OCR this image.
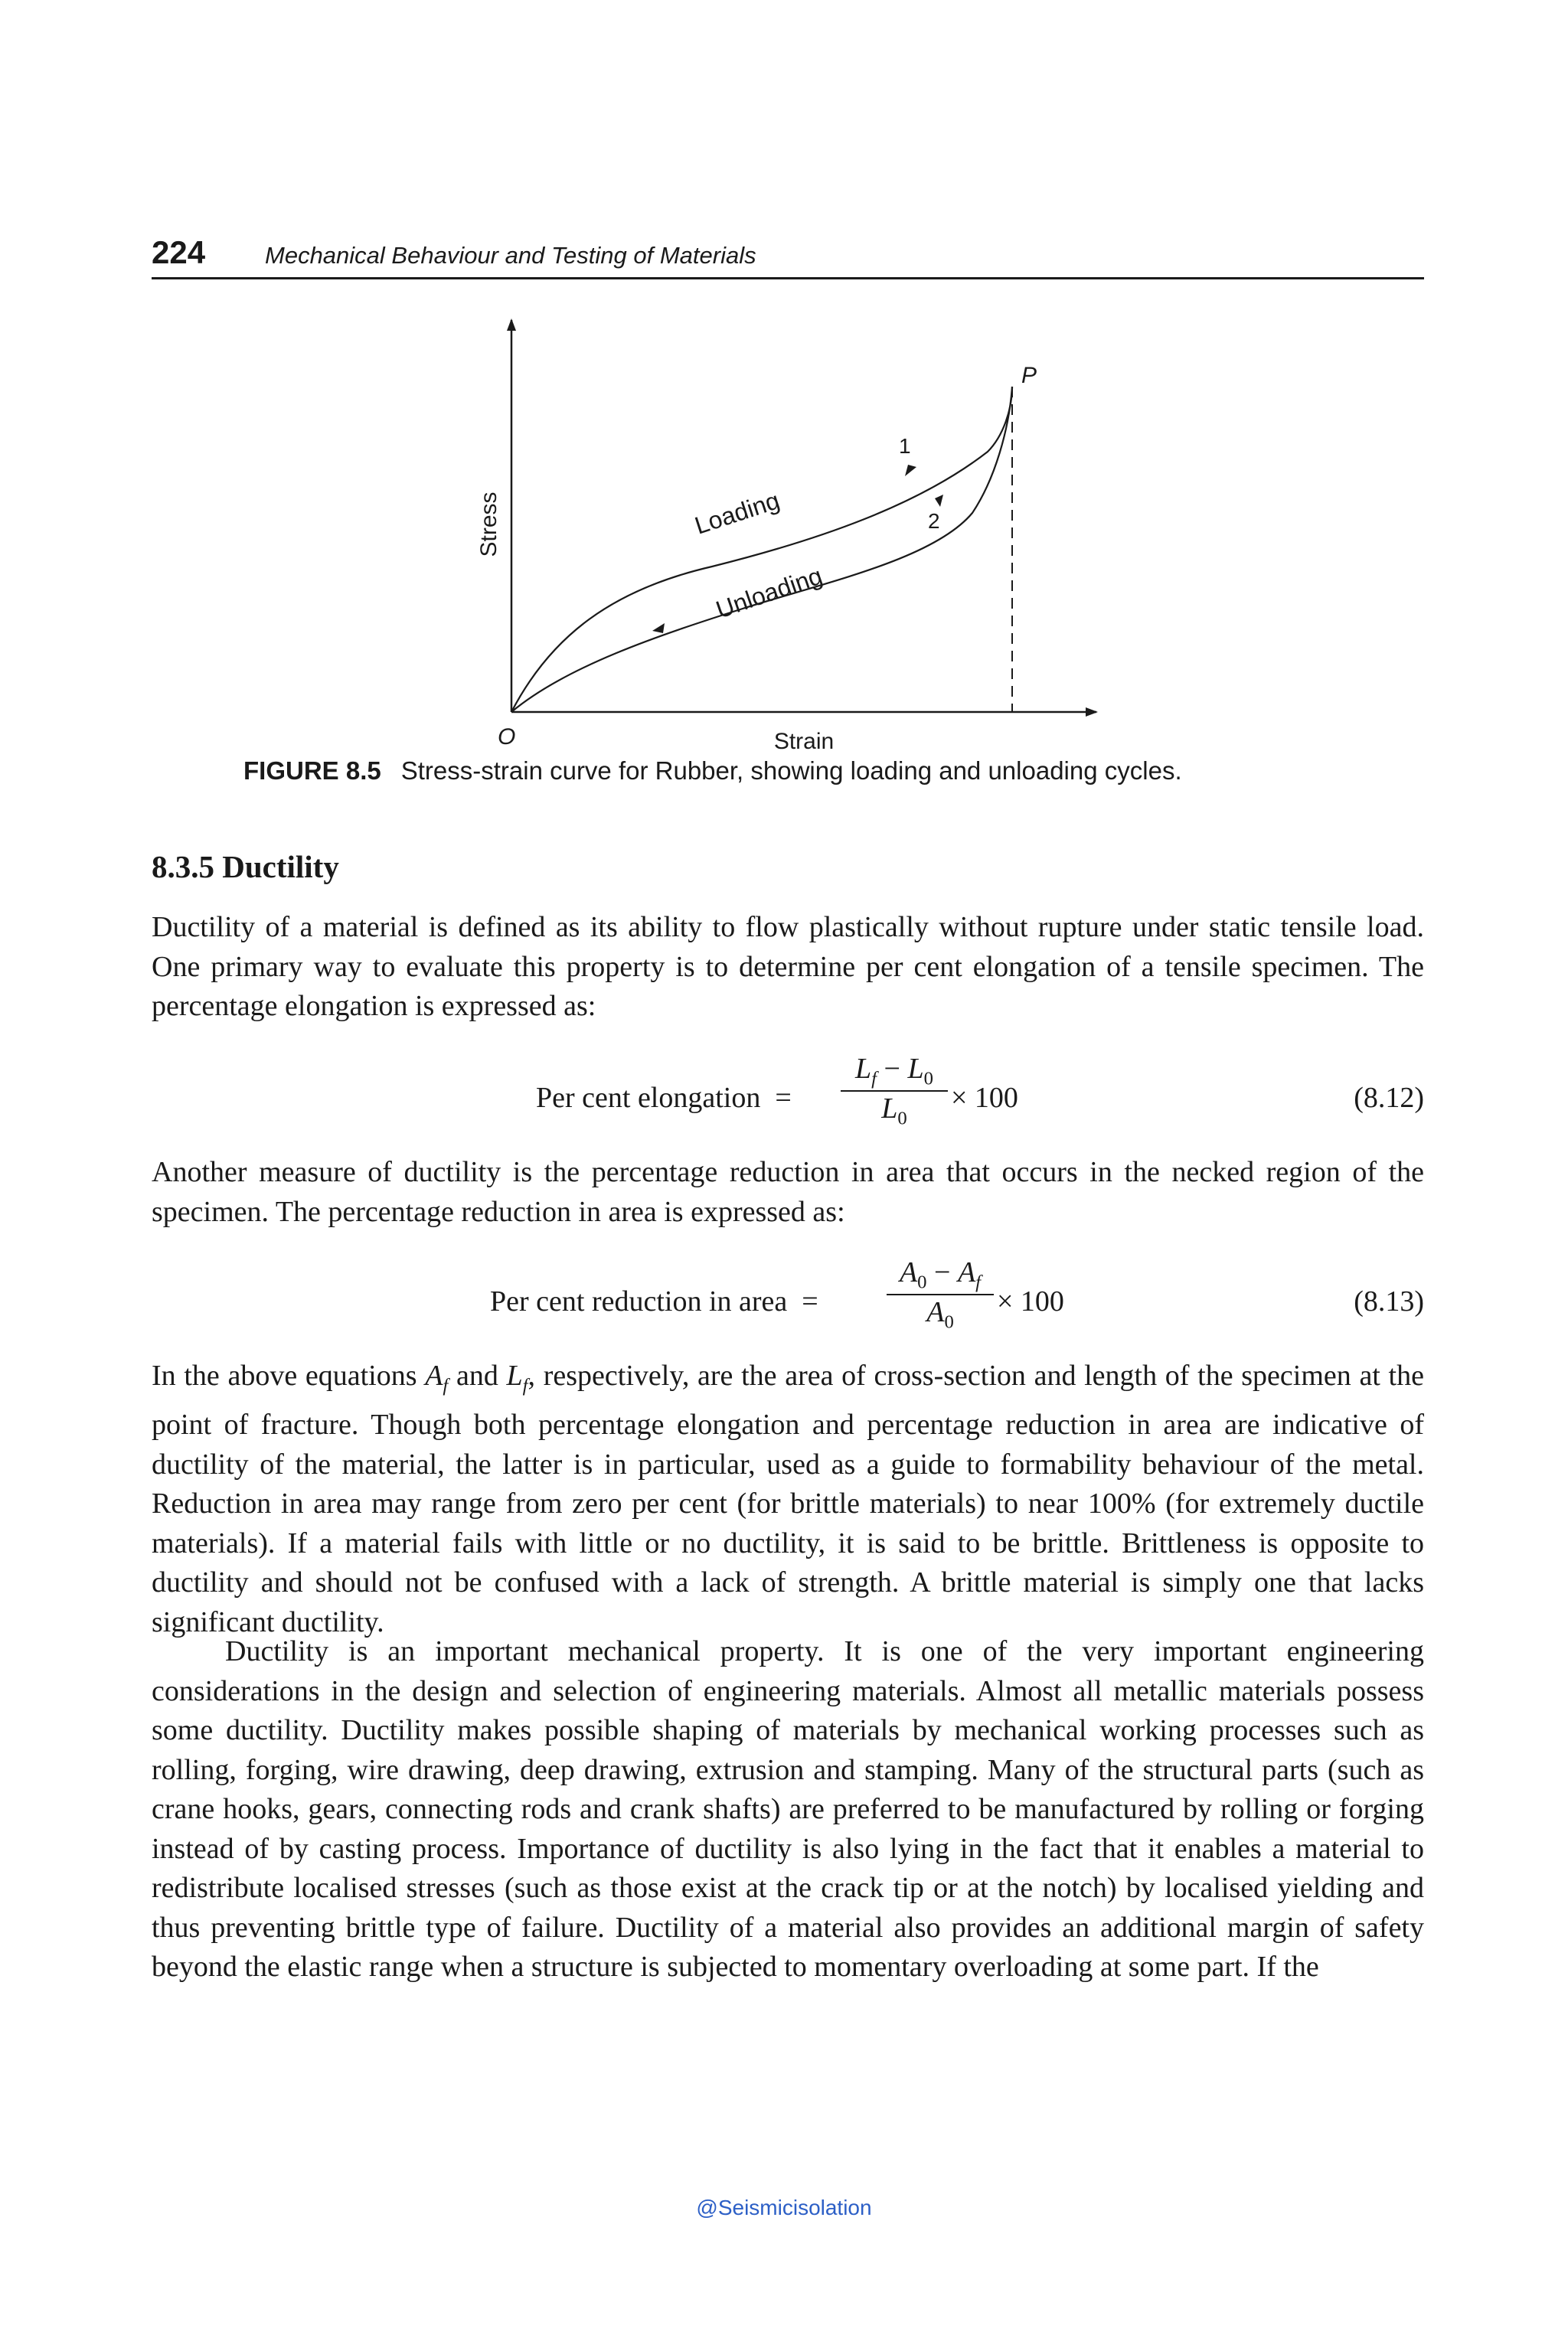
224	Mechanical Behaviour and Testing of Materials
Stress
Strain
O
P
Loading
Unloading
1
2
FIGURE 8.5 Stress-strain curve for Rubber, showing loading and unloading cycles.
8.3.5 Ductility
Ductility of a material is defined as its ability to flow plastically without rupture under static tensile load. One primary way to evaluate this property is to determine per cent elongation of a tensile specimen. The percentage elongation is expressed as:
Per cent elongation =
$L_f - L_0$
$L_0$
× 100	(8.12)
Another measure of ductility is the percentage reduction in area that occurs in the necked region of the specimen. The percentage reduction in area is expressed as:
Per cent reduction in area =
$A_0 - A_f$
$A_0$
× 100	(8.13)
In the above equations $A_f$ and $L_f$, respectively, are the area of cross-section and length of the specimen at the point of fracture. Though both percentage elongation and percentage reduction in area are indicative of ductility of the material, the latter is in particular, used as a guide to formability behaviour of the metal. Reduction in area may range from zero per cent (for brittle materials) to near 100% (for extremely ductile materials). If a material fails with little or no ductility, it is said to be brittle. Brittleness is opposite to ductility and should not be confused with a lack of strength. A brittle material is simply one that lacks significant ductility.
Ductility is an important mechanical property. It is one of the very important engineering considerations in the design and selection of engineering materials. Almost all metallic materials possess some ductility. Ductility makes possible shaping of materials by mechanical working processes such as rolling, forging, wire drawing, deep drawing, extrusion and stamping. Many of the structural parts (such as crane hooks, gears, connecting rods and crank shafts) are preferred to be manufactured by rolling or forging instead of by casting process. Importance of ductility is also lying in the fact that it enables a material to redistribute localised stresses (such as those exist at the crack tip or at the notch) by localised yielding and thus preventing brittle type of failure. Ductility of a material also provides an additional margin of safety beyond the elastic range when a structure is subjected to momentary overloading at some part. If the
@Seismicisolation
